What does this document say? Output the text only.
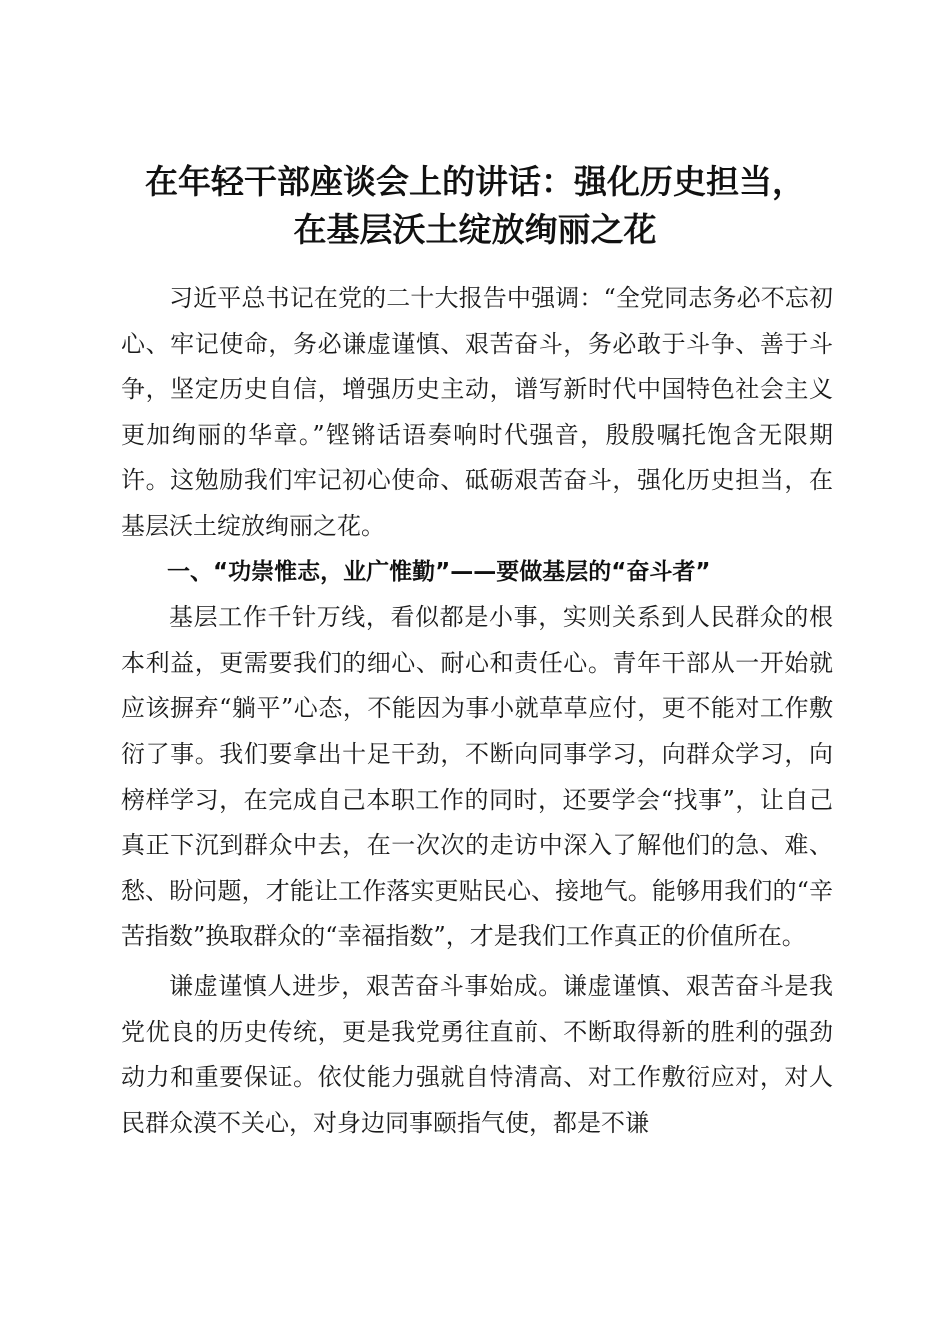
在年轻干部座谈会上的讲话：强化历史担当，
在基层沃土绽放绚丽之花

习近平总书记在党的二十大报告中强调：“全党同志务必不忘初心、牢记使命，务必谦虚谨慎、艰苦奋斗，务必敢于斗争、善于斗争，坚定历史自信，增强历史主动，谱写新时代中国特色社会主义更加绚丽的华章。”铿锵话语奏响时代强音，殷殷嘱托饱含无限期许。这勉励我们牢记初心使命、砥砺艰苦奋斗，强化历史担当，在基层沃土绽放绚丽之花。

一、“功崇惟志，业广惟勤”——要做基层的“奋斗者”

基层工作千针万线，看似都是小事，实则关系到人民群众的根本利益，更需要我们的细心、耐心和责任心。青年干部从一开始就应该摒弃“躺平”心态，不能因为事小就草草应付，更不能对工作敷衍了事。我们要拿出十足干劲，不断向同事学习，向群众学习，向榜样学习，在完成自己本职工作的同时，还要学会“找事”，让自己真正下沉到群众中去，在一次次的走访中深入了解他们的急、难、愁、盼问题，才能让工作落实更贴民心、接地气。能够用我们的“辛苦指数”换取群众的“幸福指数”，才是我们工作真正的价值所在。

谦虚谨慎人进步，艰苦奋斗事始成。谦虚谨慎、艰苦奋斗是我党优良的历史传统，更是我党勇往直前、不断取得新的胜利的强劲动力和重要保证。依仗能力强就自恃清高、对工作敷衍应对，对人民群众漠不关心，对身边同事颐指气使，都是不谦
